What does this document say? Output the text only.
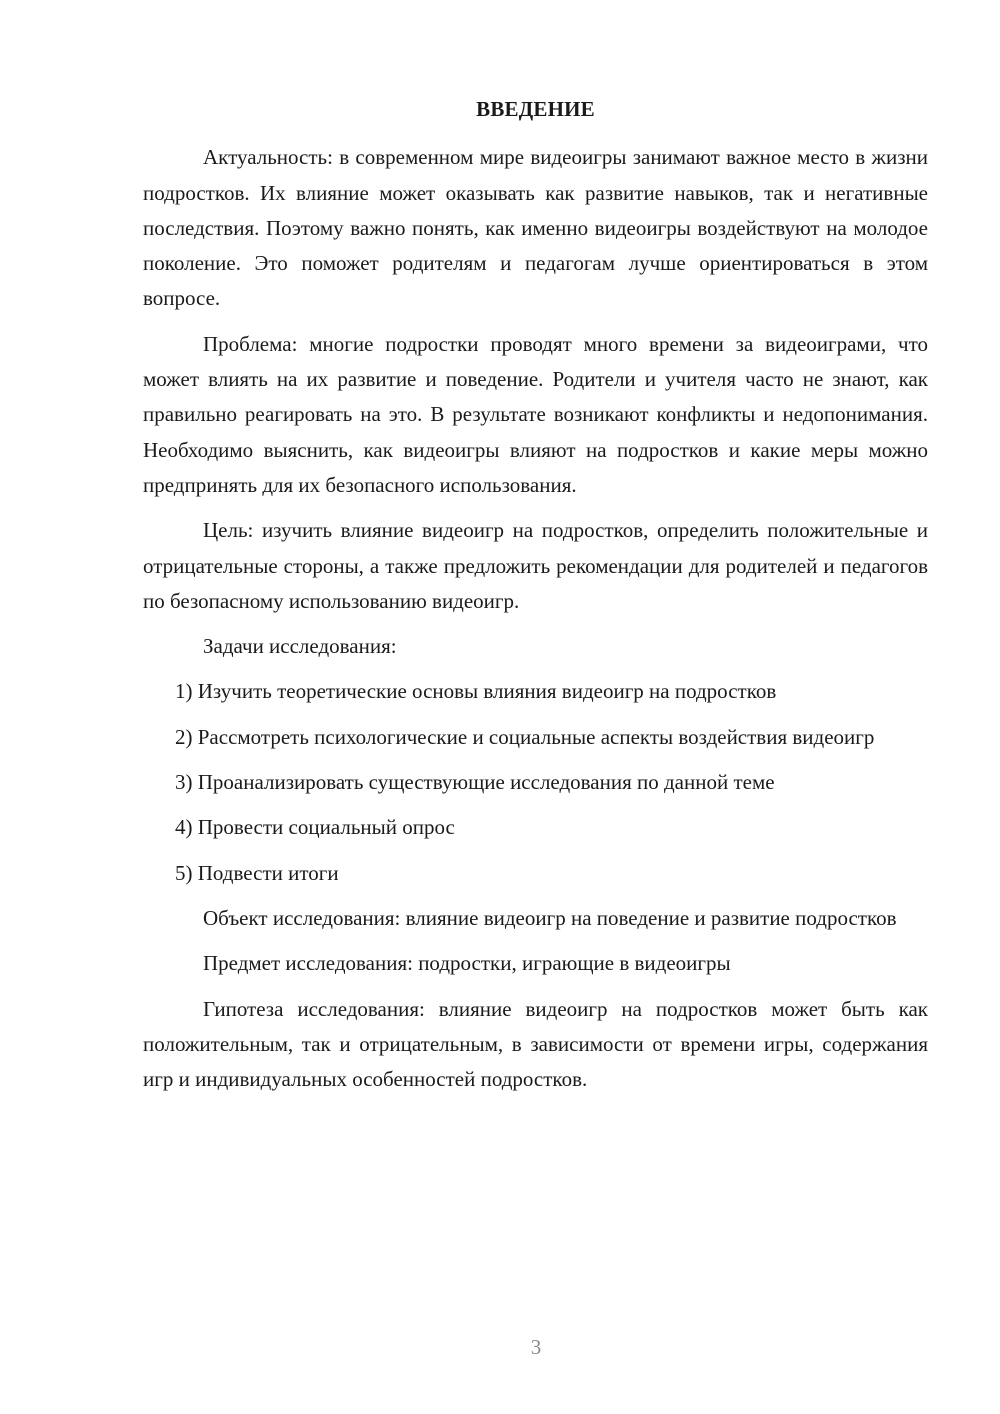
ВВЕДЕНИЕ

Актуальность: в современном мире видеоигры занимают важное место в жизни подростков. Их влияние может оказывать как развитие навыков, так и негативные последствия. Поэтому важно понять, как именно видеоигры воздействуют на молодое поколение. Это поможет родителям и педагогам лучше ориентироваться в этом вопросе.

Проблема: многие подростки проводят много времени за видеоиграми, что может влиять на их развитие и поведение. Родители и учителя часто не знают, как правильно реагировать на это. В результате возникают конфликты и недопонимания. Необходимо выяснить, как видеоигры влияют на подростков и какие меры можно предпринять для их безопасного использования.

Цель: изучить влияние видеоигр на подростков, определить положительные и отрицательные стороны, а также предложить рекомендации для родителей и педагогов по безопасному использованию видеоигр.

Задачи исследования:

1) Изучить теоретические основы влияния видеоигр на подростков

2) Рассмотреть психологические и социальные аспекты воздействия видеоигр

3) Проанализировать существующие исследования по данной теме

4) Провести социальный опрос

5) Подвести итоги

Объект исследования: влияние видеоигр на поведение и развитие подростков

Предмет исследования: подростки, играющие в видеоигры

Гипотеза исследования: влияние видеоигр на подростков может быть как положительным, так и отрицательным, в зависимости от времени игры, содержания игр и индивидуальных особенностей подростков.

3
